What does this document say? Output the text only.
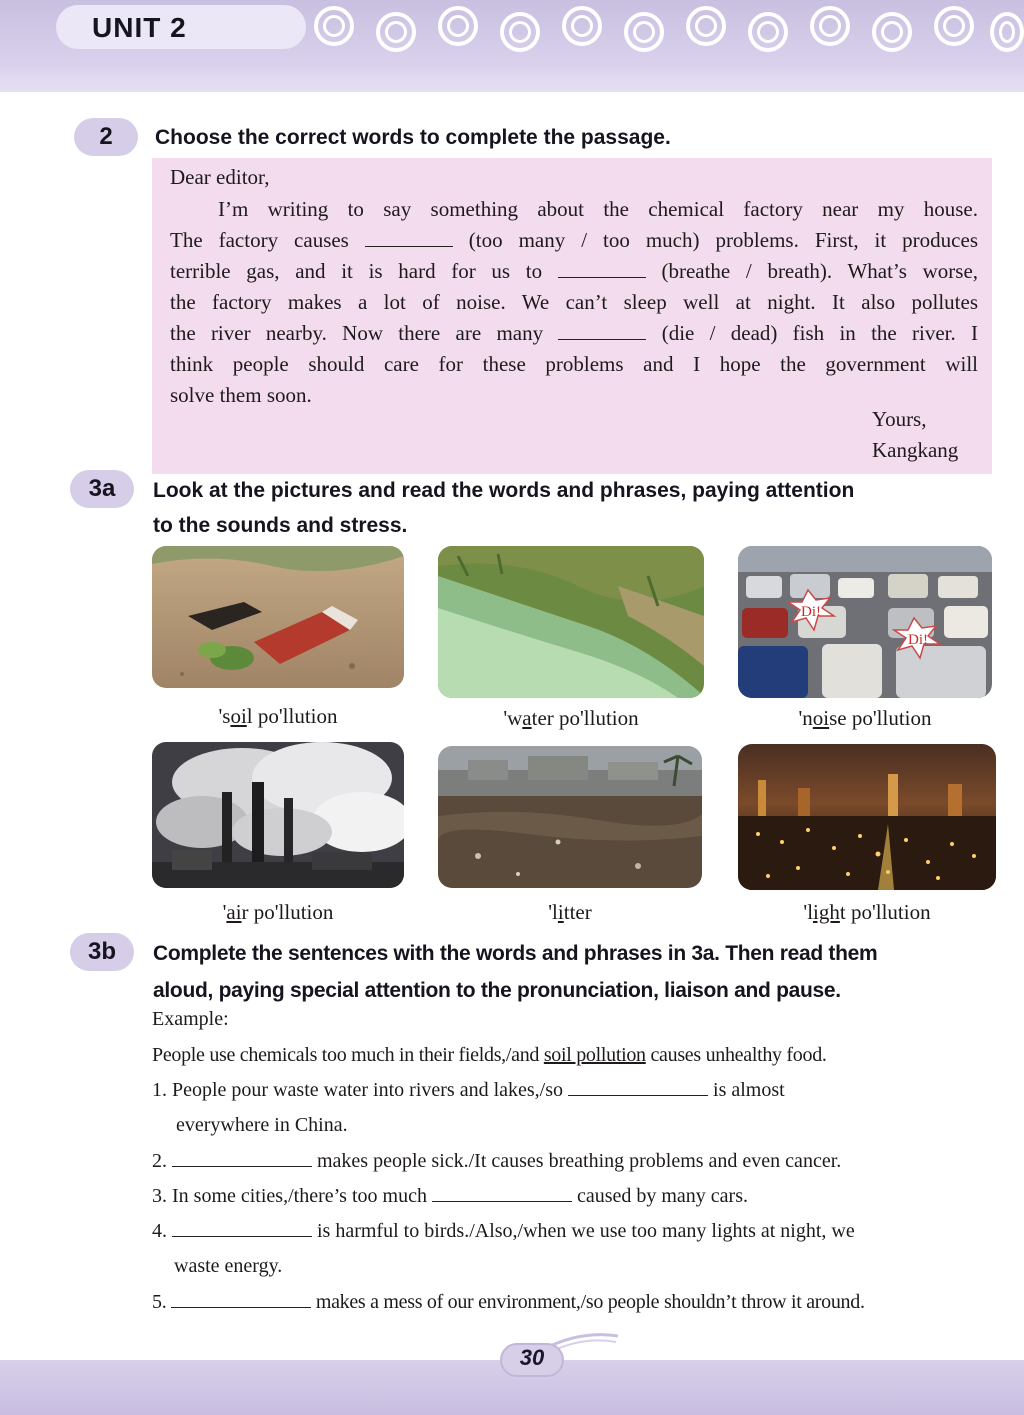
UNIT 2
2	Choose the correct words to complete the passage.
Dear editor,
I’m writing to say something about the chemical factory near my house.
The factory causes	(too many / too much) problems. First, it produces
terrible gas, and it is hard for us to	(breathe / breath). What’s worse,
the factory makes a lot of noise. We can’t sleep well at night. It also pollutes
the river nearby. Now there are many	(die / dead) fish in the river. I
think people should care for these problems and I hope the government will
solve them soon.
Yours,
Kangkang
3a	Look at the pictures and read the words and phrases, paying attention
to the sounds and stress.
Di!
Di!
'soil po'llution	'water po'llution	'noise po'llution
'air po'llution	'litter	'light po'llution
3b	Complete the sentences with the words and phrases in 3a. Then read them
aloud, paying special attention to the pronunciation, liaison and pause.
Example:
People use chemicals too much in their fields,/and soil pollution causes unhealthy food.
1. People pour waste water into rivers and lakes,/so	is almost
everywhere in China.
2.	makes people sick./It causes breathing problems and even cancer.
3. In some cities,/there’s too much	caused by many cars.
4.	is harmful to birds./Also,/when we use too many lights at night, we
waste energy.
5.	makes a mess of our environment,/so people shouldn’t throw it around.
30
